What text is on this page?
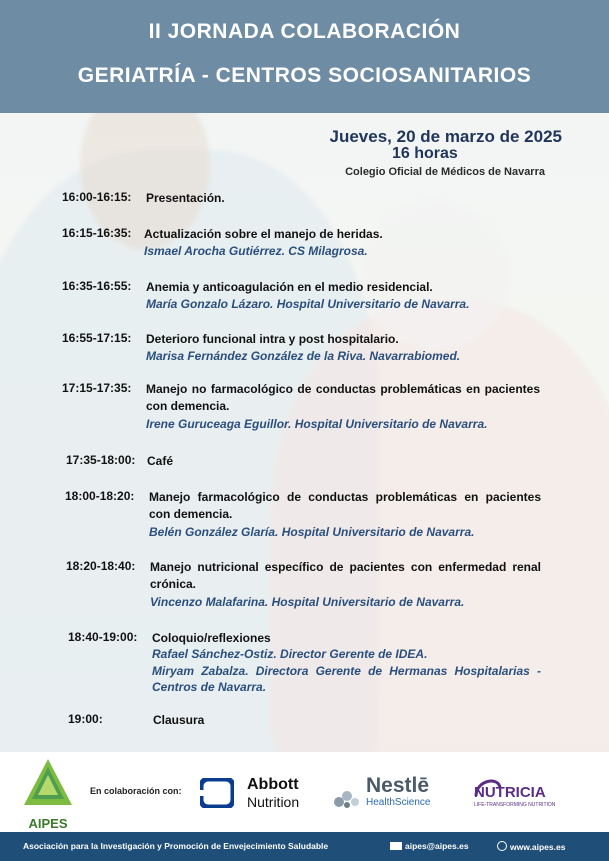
II JORNADA COLABORACIÓN
GERIATRÍA - CENTROS SOCIOSANITARIOS
Jueves, 20 de marzo de 2025
16 horas
Colegio Oficial de Médicos de Navarra
16:00-16:15: Presentación.
16:15-16:35: Actualización sobre el manejo de heridas.
Ismael Arocha Gutiérrez. CS Milagrosa.
16:35-16:55: Anemia y anticoagulación en el medio residencial.
María Gonzalo Lázaro. Hospital Universitario de Navarra.
16:55-17:15: Deterioro funcional intra y post hospitalario.
Marisa Fernández González de la Riva. Navarrabiomed.
17:15-17:35: Manejo no farmacológico de conductas problemáticas en pacientes con demencia.
Irene Guruceaga Eguillor. Hospital Universitario de Navarra.
17:35-18:00: Café
18:00-18:20: Manejo farmacológico de conductas problemáticas en pacientes con demencia.
Belén González Glaría. Hospital Universitario de Navarra.
18:20-18:40: Manejo nutricional específico de pacientes con enfermedad renal crónica.
Vincenzo Malafarina. Hospital Universitario de Navarra.
18:40-19:00: Coloquio/reflexiones
Rafael Sánchez-Ostiz. Director Gerente de IDEA.
Miryam Zabalza. Directora Gerente de Hermanas Hospitalarias - Centros de Navarra.
19:00:	Clausura
AIPES
En colaboración con:	Abbott
Nutrition
Nestlē
HealthScience
NUTRICIA
LIFE-TRANSFORMING NUTRITION
Asociación para la Investigación y Promoción de Envejecimiento Saludable	aipes@aipes.es	www.aipes.es
